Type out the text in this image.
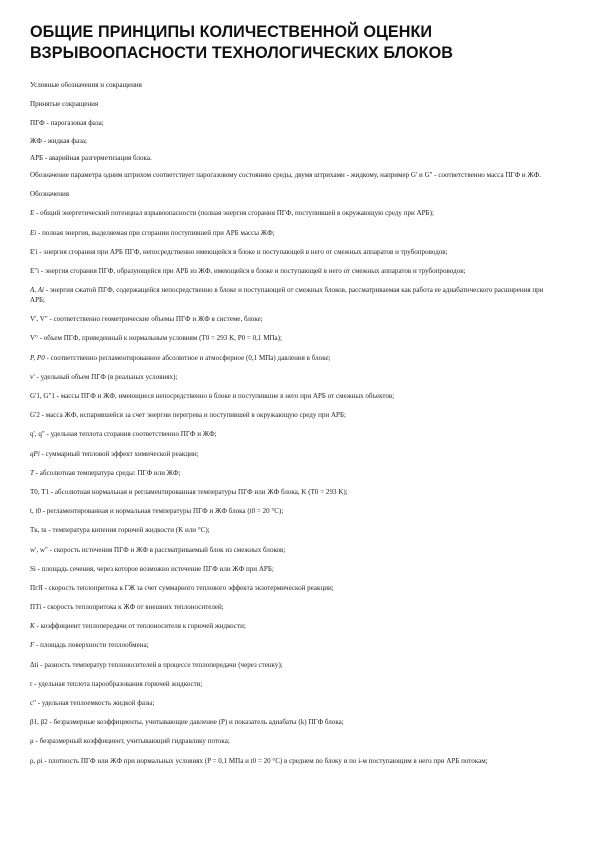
ОБЩИЕ ПРИНЦИПЫ КОЛИЧЕСТВЕННОЙ ОЦЕНКИ
ВЗРЫВООПАСНОСТИ ТЕХНОЛОГИЧЕСКИХ БЛОКОВ

Условные обозначения и сокращения

Принятые сокращения

ПГФ - парогазовая фаза;

ЖФ - жидкая фаза;

АРБ - аварийная разгерметизация блока.

Обозначение параметра одним штрихом соответствует парогазовому состоянию среды, двумя штрихами - жидкому, например G' и G" - соответственно масса ПГФ и ЖФ.

Обозначения

E - общий энергетический потенциал взрывоопасности (полная энергия сгорания ПГФ, поступившей в окружающую среду при АРБ);

Ei - полная энергия, выделяемая при сгорании поступившей при АРБ массы ЖФ;

E'i - энергия сгорания при АРБ ПГФ, непосредственно имеющейся в блоке и поступающей в него от смежных аппаратов и трубопроводов;

E"i - энергия сгорания ПГФ, образующейся при АРБ из ЖФ, имеющейся в блоке и поступающей в него от смежных аппаратов и трубопроводов;

A, Ai - энергия сжатой ПГФ, содержащейся непосредственно в блоке и поступающей от смежных блоков, рассматриваемая как работа ее адиабатического расширения при АРБ;

V', V" - соответственно геометрические объемы ПГФ и ЖФ в системе, блоке;

V° - объем ПГФ, приведенный к нормальным условиям (T0 = 293 K, P0 = 0,1 МПа);

P, P0 - соответственно регламентированное абсолютное и атмосферное (0,1 МПа) давления в блоке;

v' - удельный объем ПГФ (в реальных условиях);

G'1, G"1 - массы ПГФ и ЖФ, имеющиеся непосредственно в блоке и поступившие в него при АРБ от смежных объектов;

G'2 - масса ЖФ, испарившейся за счет энергии перегрева и поступившей в окружающую среду при АРБ;

q', q" - удельная теплота сгорания соответственно ПГФ и ЖФ;

qPi - суммарный тепловой эффект химической реакции;

T - абсолютная температура среды: ПГФ или ЖФ;

T0, T1 - абсолютная нормальная и регламентированная температуры ПГФ или ЖФ блока, K (T0 = 293 K);

t, t0 - регламентированная и нормальная температуры ПГФ и ЖФ блока (t0 = 20 °C);

Tк, tк - температура кипения горючей жидкости (K или °C);

w', w" - скорость истечения ПГФ и ЖФ в рассматриваемый блок из смежных блоков;

Si - площадь сечения, через которое возможно истечение ПГФ или ЖФ при АРБ;

ПгЯ - скорость теплопритока к ГЖ за счет суммарного теплового эффекта экзотермической реакции;

ПТi - скорость теплопритока к ЖФ от внешних теплоносителей;

K - коэффициент теплопередачи от теплоносителя к горючей жидкости;

F - площадь поверхности теплообмена;

Δti - разность температур теплоносителей в процессе теплопередачи (через стенку);

r - удельная теплота парообразования горючей жидкости;

c" - удельная теплоемкость жидкой фазы;

β1, β2 - безразмерные коэффициенты, учитывающие давление (P) и показатель адиабаты (k) ПГФ блока;

μ - безразмерный коэффициент, учитывающий гидравлику потока;

ρ, ρi - плотность ПГФ или ЖФ при нормальных условиях (P = 0,1 МПа и t0 = 20 °C) в среднем по блоку и по i-м поступающим в него при АРБ потокам;
